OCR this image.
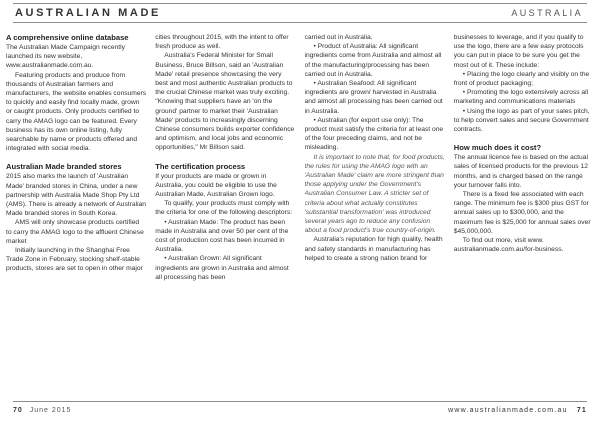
AUSTRALIAN MADE	AUSTRALIA
A comprehensive online database

The Australian Made Campaign recently launched its new website, www.australianmade.com.au.

Featuring products and produce from thousands of Australian farmers and manufacturers, the website enables consumers to quickly and easily find locally made, grown or caught products. Only products certified to carry the AMAG logo can be featured. Every business has its own online listing, fully searchable by name or products offered and integrated with social media.

Australian Made branded stores

2015 also marks the launch of 'Australian Made' branded stores in China, under a new partnership with Australia Made Shop Pty Ltd (AMS). There is already a network of Australian Made branded stores in South Korea.

AMS will only showcase products certified to carry the AMAG logo to the affluent Chinese market

Initially launching in the Shanghai Free Trade Zone in February, stocking shelf-stable products, stores are set to open in other major

cities throughout 2015, with the intent to offer fresh produce as well.

Australia's Federal Minister for Small Business, Bruce Billson, said an 'Australian Made' retail presence showcasing the very best and most authentic Australian products to the crucial Chinese market was truly exciting. "Knowing that suppliers have an 'on the ground' partner to market their 'Australian Made' products to increasingly discerning Chinese consumers builds exporter confidence and optimism, and local jobs and economic opportunities," Mr Billson said.

The certification process

If your products are made or grown in Australia, you could be eligible to use the Australian Made, Australian Grown logo.

To qualify, your products must comply with the criteria for one of the following descriptors:

• Australian Made: The product has been made in Australia and over 50 per cent of the cost of production cost has been incurred in Australia.

• Australian Grown: All significant ingredients are grown in Australia and almost all processing has been

carried out in Australia.

• Product of Australia: All significant ingredients come from Australia and almost all of the manufacturing/processing has been carried out in Australia.

• Australian Seafood: All significant ingredients are grown/ harvested in Australia and almost all processing has been carried out in Australia.

• Australian (for export use only): The product must satisfy the criteria for at least one of the four preceding claims, and not be misleading.

It is important to note that, for food products, the rules for using the AMAG logo with an 'Australian Made' claim are more stringent than those applying under the Government's Australian Consumer Law. A stricter set of criteria about what actually constitutes 'substantial transformation' was introduced several years ago to reduce any confusion about a food product's true country-of-origin.

Australia's reputation for high quality, health and safety standards in manufacturing has helped to create a strong nation brand for

businesses to leverage, and if you qualify to use the logo, there are a few easy protocols you can put in place to be sure you get the most out of it. These include:

• Placing the logo clearly and visibly on the front of product packaging;

• Promoting the logo extensively across all marketing and communications materials

• Using the logo as part of your sales pitch, to help convert sales and secure Government contracts.

How much does it cost?

The annual licence fee is based on the actual sales of licensed products for the previous 12 months, and is charged based on the range your turnover falls into.

There is a fixed fee associated with each range. The minimum fee is $300 plus GST for annual sales up to $300,000, and the maximum fee is $25,000 for annual sales over $45,000,000.

To find out more, visit www. australianmade.com.au/for-business.

70 June 2015	www.australianmade.com.au 71
